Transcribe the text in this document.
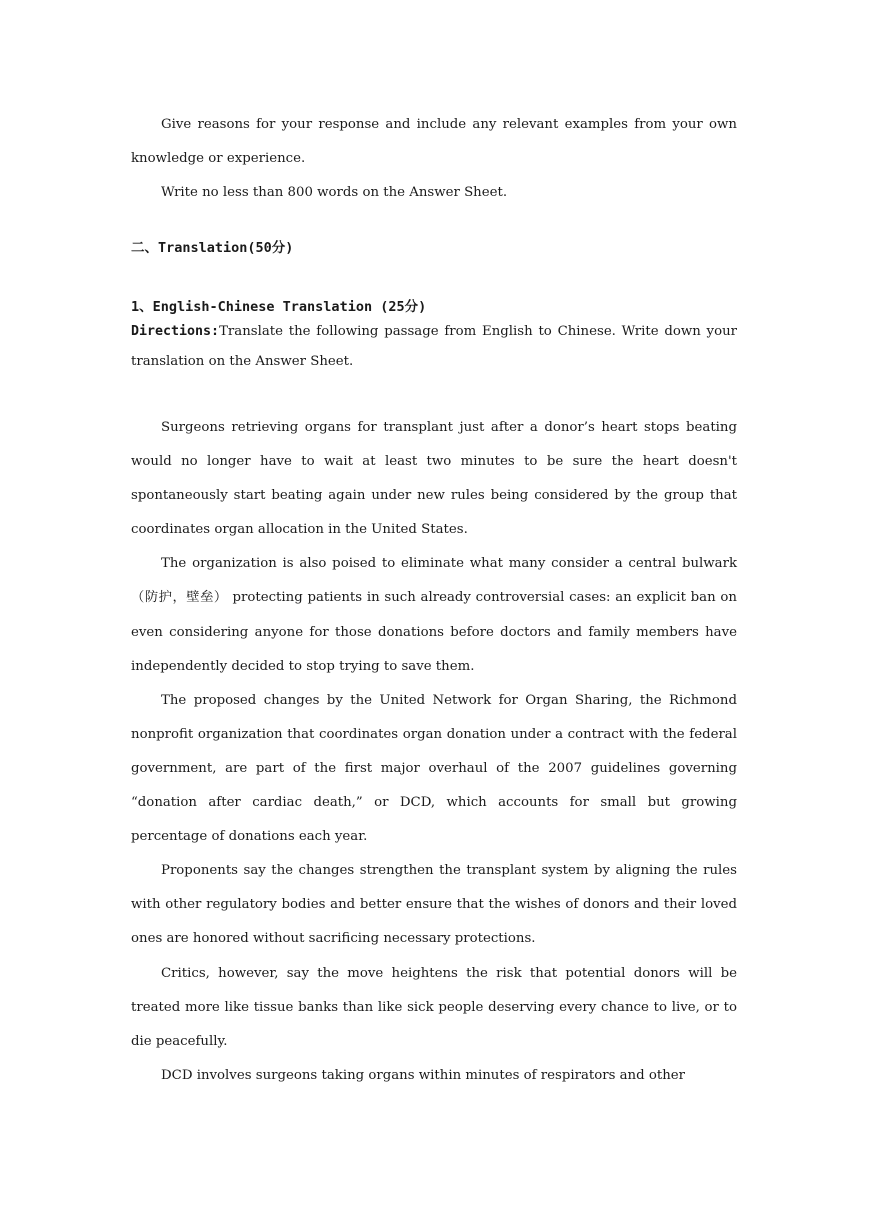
Give reasons for your response and include any relevant examples from your own knowledge or experience.

Write no less than 800 words on the Answer Sheet.

二、Translation(50分)

1、English-Chinese Translation (25分)

Directions:Translate the following passage from English to Chinese. Write down your translation on the Answer Sheet.

Surgeons retrieving organs for transplant just after a donor’s heart stops beating would no longer have to wait at least two minutes to be sure the heart doesn't spontaneously start beating again under new rules being considered by the group that coordinates organ allocation in the United States.

The organization is also poised to eliminate what many consider a central bulwark（防护，壁垒） protecting patients in such already controversial cases: an explicit ban on even considering anyone for those donations before doctors and family members have independently decided to stop trying to save them.

The proposed changes by the United Network for Organ Sharing, the Richmond nonprofit organization that coordinates organ donation under a contract with the federal government, are part of the first major overhaul of the 2007 guidelines governing “donation after cardiac death,” or DCD, which accounts for small but growing percentage of donations each year.

Proponents say the changes strengthen the transplant system by aligning the rules with other regulatory bodies and better ensure that the wishes of donors and their loved ones are honored without sacrificing necessary protections.

Critics, however, say the move heightens the risk that potential donors will be treated more like tissue banks than like sick people deserving every chance to live, or to die peacefully.

DCD involves surgeons taking organs within minutes of respirators and other
